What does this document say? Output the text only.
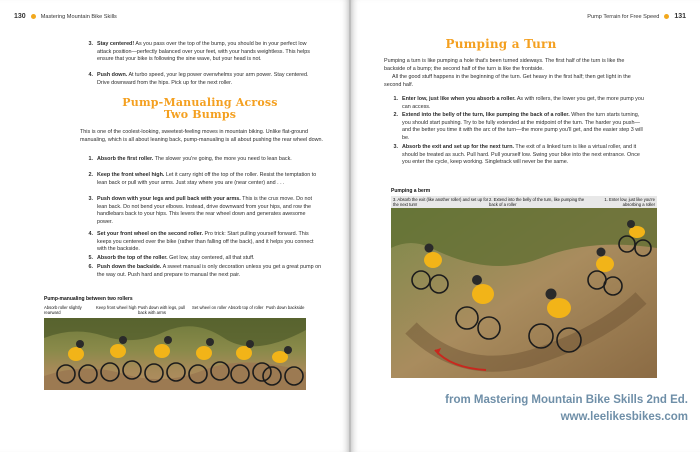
130	Mastering Mountain Bike Skills
3. Stay centered! As you pass over the top of the bump, you should be in your perfect low attack position—perfectly balanced over your feet, with your hands weightless. This helps ensure that your bike is following the sine wave, but your head is not.
4. Push down. At turbo speed, your leg power overwhelms your arm power. Stay centered. Drive downward from the hips. Pick up for the next roller.
Pump-Manualing Across
Two Bumps
This is one of the coolest-looking, sweetest-feeling moves in mountain biking. Unlike flat-ground manualing, which is all about leaning back, pump-manualing is all about pushing the rear wheel down.
1. Absorb the first roller. The slower you're going, the more you need to lean back.
2. Keep the front wheel high. Let it carry right off the top of the roller. Resist the temptation to lean back or pull with your arms. Just stay where you are (near center) and . . .
3. Push down with your legs and pull back with your arms. This is the crux move. Do not lean back. Do not bend your elbows. Instead, drive downward from your hips, and row the handlebars back to your hips. This levers the rear wheel down and generates awesome power.
4. Set your front wheel on the second roller. Pro trick: Start pulling yourself forward. This keeps you centered over the bike (rather than falling off the back), and it helps you connect with the backside.
5. Absorb the top of the roller. Get low, stay centered, all that stuff.
6. Push down the backside. A sweet manual is only decoration unless you get a great pump on the way out. Push hard and prepare to manual the next pair.
Pump-manualing between two rollers
Absorb roller slightly rearward
Keep front wheel high Push down with legs, pull back with arms
Set wheel on roller Absorb top of roller Push down backside
Pump Terrain for Free Speed 131
Pumping a Turn
Pumping a turn is like pumping a hole that's been turned sideways. The first half of the turn is like the backside of a bump; the second half of the turn is like the frontside.
All the good stuff happens in the beginning of the turn. Get heavy in the first half; then get light in the second half.
1. Enter low, just like when you absorb a roller. As with rollers, the lower you get, the more pump you can access.
2. Extend into the belly of the turn, like pumping the back of a roller. When the turn starts turning, you should start pushing. Try to be fully extended at the midpoint of the turn. The harder you push—and the better you time it with the arc of the turn—the more pump you'll get, and the easier step 3 will be.
3. Absorb the exit and set up for the next turn. The exit of a linked turn is like a virtual roller, and it should be treated as such. Pull hard. Pull yourself low. Swing your bike into the next entrance. Once you enter the cycle, keep working. Singletrack will never be the same.
Pumping a berm
3. Absorb the exit (like another roller) and set up for the next turn!
2. Extend into the belly of the turn, like pumping the back of a roller
1. Enter low, just like you're absorbing a roller
from Mastering Mountain Bike Skills 2nd Ed.
www.leelikesbikes.com
